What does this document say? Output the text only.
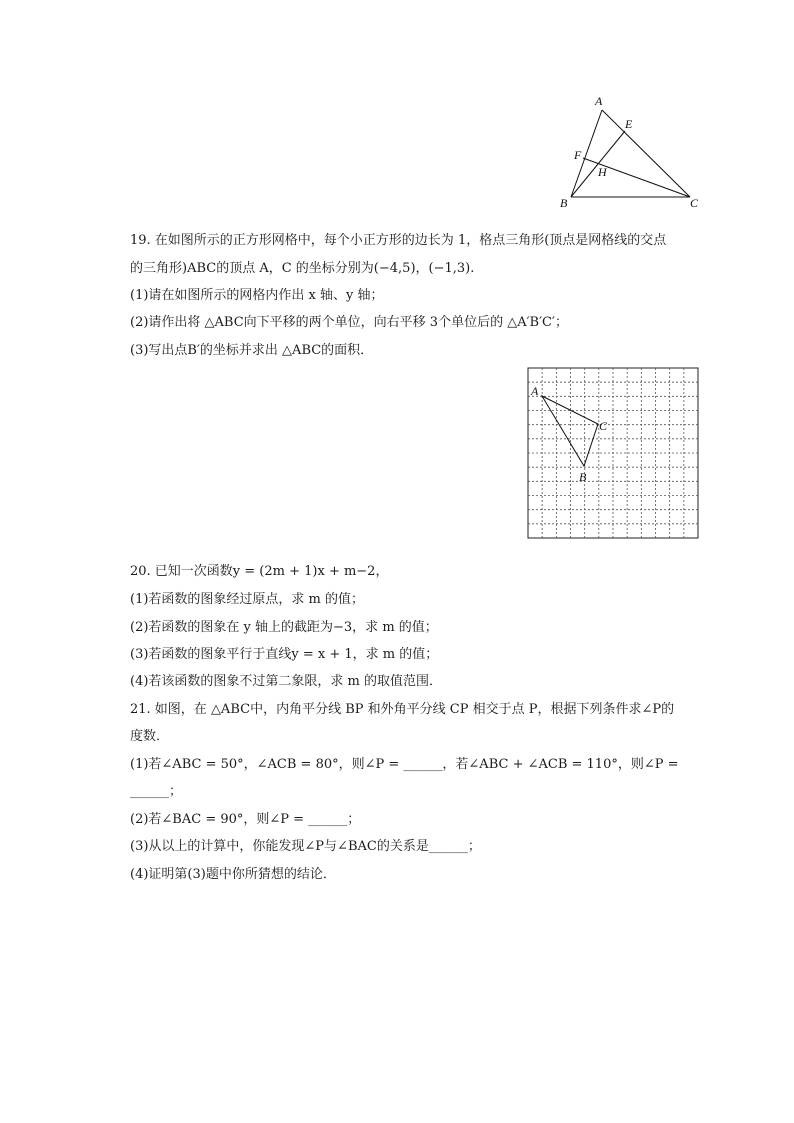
A
E
F
H
B	C
19. 在如图所示的正方形网格中，每个小正方形的边长为 1，格点三角形(顶点是网格线的交点
的三角形)ABC的顶点 A，C 的坐标分别为(−4,5)，(−1,3).
(1)请在如图所示的网格内作出 x 轴、y 轴；
(2)请作出将 △ABC向下平移的两个单位，向右平移 3个单位后的 △A′B′C′；
(3)写出点B′的坐标并求出 △ABC的面积．
A
C
B
20. 已知一次函数y = (2m + 1)x + m−2，
(1)若函数的图象经过原点，求 m 的值；
(2)若函数的图象在 y 轴上的截距为−3，求 m 的值；
(3)若函数的图象平行于直线y = x + 1，求 m 的值；
(4)若该函数的图象不过第二象限，求 m 的取值范围．
21. 如图，在 △ABC中，内角平分线 BP 和外角平分线 CP 相交于点 P，根据下列条件求∠P的
度数．
(1)若∠ABC = 50°，∠ACB = 80°，则∠P = ______，若∠ABC + ∠ACB = 110°，则∠P =
______；
(2)若∠BAC = 90°，则∠P = ______；
(3)从以上的计算中，你能发现∠P与∠BAC的关系是______；
(4)证明第(3)题中你所猜想的结论．
